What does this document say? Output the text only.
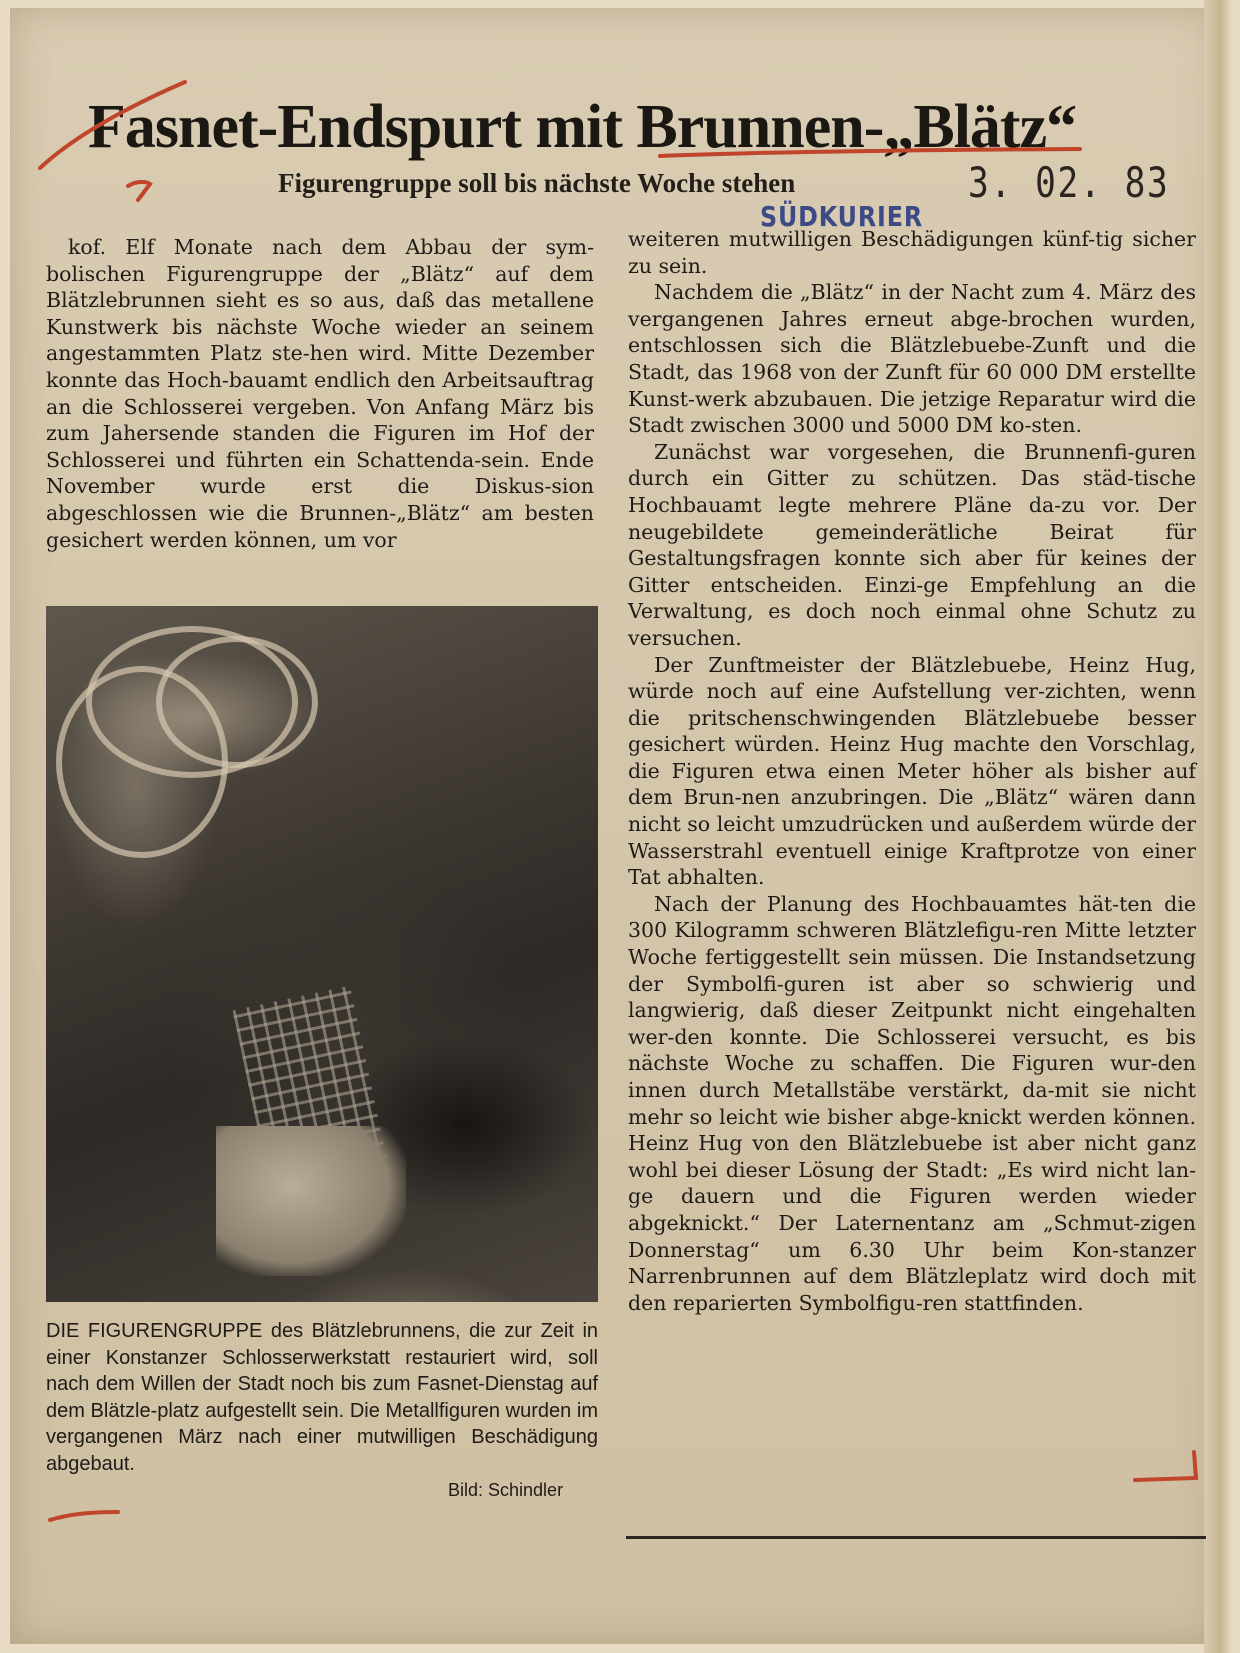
Fasnet-Endspurt mit Brunnen-„Blätz“
Figurengruppe soll bis nächste Woche stehen	3. 02. 83
SÜDKURIER

kof. Elf Monate nach dem Abbau der sym-bolischen Figurengruppe der „Blätz“ auf dem Blätzlebrunnen sieht es so aus, daß das metallene Kunstwerk bis nächste Woche wieder an seinem angestammten Platz ste-hen wird. Mitte Dezember konnte das Hoch-bauamt endlich den Arbeitsauftrag an die Schlosserei vergeben. Von Anfang März bis zum Jahersende standen die Figuren im Hof der Schlosserei und führten ein Schattenda-sein. Ende November wurde erst die Diskus-sion abgeschlossen wie die Brunnen-„Blätz“ am besten gesichert werden können, um vor

DIE FIGURENGRUPPE des Blätzlebrunnens, die zur Zeit in einer Konstanzer Schlosserwerkstatt restauriert wird, soll nach dem Willen der Stadt noch bis zum Fasnet-Dienstag auf dem Blätzle-platz aufgestellt sein. Die Metallfiguren wurden im vergangenen März nach einer mutwilligen Beschädigung abgebaut.
Bild: Schindler

weiteren mutwilligen Beschädigungen künf-tig sicher zu sein.

Nachdem die „Blätz“ in der Nacht zum 4. März des vergangenen Jahres erneut abge-brochen wurden, entschlossen sich die Blätzlebuebe-Zunft und die Stadt, das 1968 von der Zunft für 60 000 DM erstellte Kunst-werk abzubauen. Die jetzige Reparatur wird die Stadt zwischen 3000 und 5000 DM ko-sten.

Zunächst war vorgesehen, die Brunnenfi-guren durch ein Gitter zu schützen. Das städ-tische Hochbauamt legte mehrere Pläne da-zu vor. Der neugebildete gemeinderätliche Beirat für Gestaltungsfragen konnte sich aber für keines der Gitter entscheiden. Einzi-ge Empfehlung an die Verwaltung, es doch noch einmal ohne Schutz zu versuchen.

Der Zunftmeister der Blätzlebuebe, Heinz Hug, würde noch auf eine Aufstellung ver-zichten, wenn die pritschenschwingenden Blätzlebuebe besser gesichert würden. Heinz Hug machte den Vorschlag, die Figuren etwa einen Meter höher als bisher auf dem Brun-nen anzubringen. Die „Blätz“ wären dann nicht so leicht umzudrücken und außerdem würde der Wasserstrahl eventuell einige Kraftprotze von einer Tat abhalten.

Nach der Planung des Hochbauamtes hät-ten die 300 Kilogramm schweren Blätzlefigu-ren Mitte letzter Woche fertiggestellt sein müssen. Die Instandsetzung der Symbolfi-guren ist aber so schwierig und langwierig, daß dieser Zeitpunkt nicht eingehalten wer-den konnte. Die Schlosserei versucht, es bis nächste Woche zu schaffen. Die Figuren wur-den innen durch Metallstäbe verstärkt, da-mit sie nicht mehr so leicht wie bisher abge-knickt werden können. Heinz Hug von den Blätzlebuebe ist aber nicht ganz wohl bei dieser Lösung der Stadt: „Es wird nicht lan-ge dauern und die Figuren werden wieder abgeknickt.“ Der Laternentanz am „Schmut-zigen Donnerstag“ um 6.30 Uhr beim Kon-stanzer Narrenbrunnen auf dem Blätzleplatz wird doch mit den reparierten Symbolfigu-ren stattfinden.
